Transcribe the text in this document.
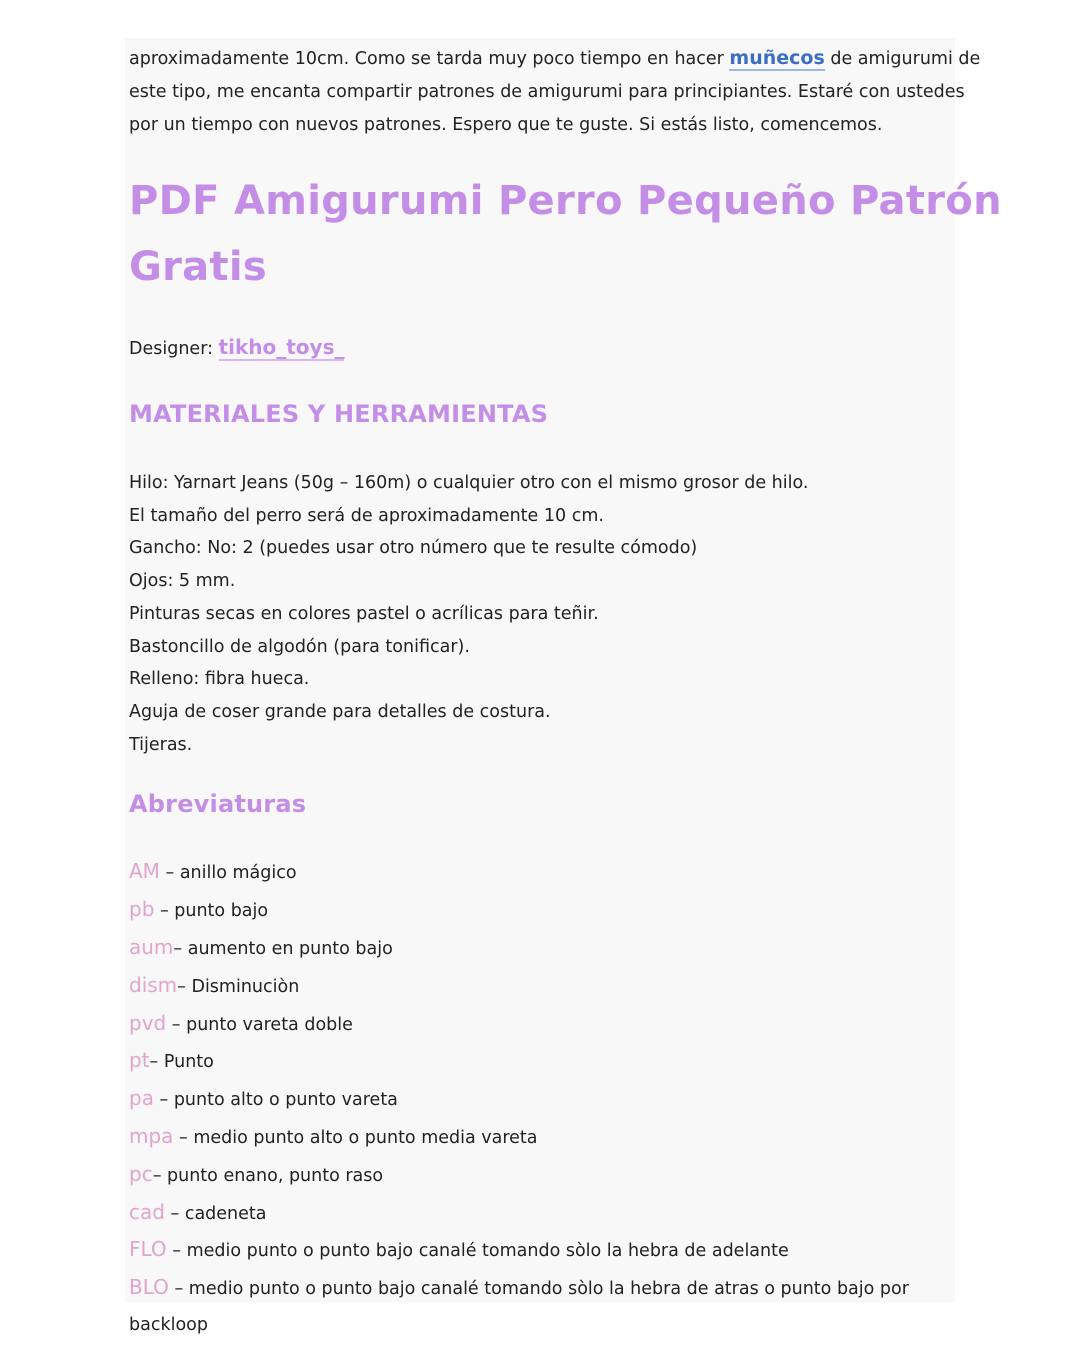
aproximadamente 10cm. Como se tarda muy poco tiempo en hacer muñecos de amigurumi de
este tipo, me encanta compartir patrones de amigurumi para principiantes. Estaré con ustedes
por un tiempo con nuevos patrones. Espero que te guste. Si estás listo, comencemos.

PDF Amigurumi Perro Pequeño Patrón
Gratis
Designer: tikho_toys_
MATERIALES Y HERRAMIENTAS
Hilo: Yarnart Jeans (50g – 160m) o cualquier otro con el mismo grosor de hilo.
El tamaño del perro será de aproximadamente 10 cm.
Gancho: No: 2 (puedes usar otro número que te resulte cómodo)
Ojos: 5 mm.
Pinturas secas en colores pastel o acrílicas para teñir.
Bastoncillo de algodón (para tonificar).
Relleno: fibra hueca.
Aguja de coser grande para detalles de costura.
Tijeras.
Abreviaturas
AM – anillo mágico
pb – punto bajo
aum– aumento en punto bajo
dism– Disminuciòn
pvd – punto vareta doble
pt– Punto
pa – punto alto o punto vareta
mpa – medio punto alto o punto media vareta
pc– punto enano, punto raso
cad – cadeneta
FLO – medio punto o punto bajo canalé tomando sòlo la hebra de adelante
BLO – medio punto o punto bajo canalé tomando sòlo la hebra de atras o punto bajo por
backloop
